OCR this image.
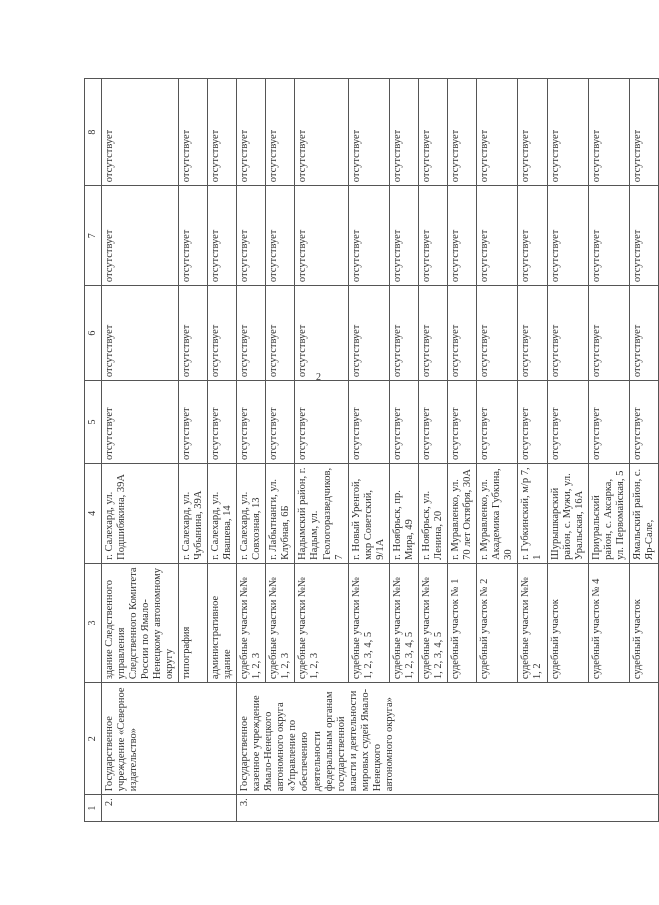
2
1	2	3	4	5	6	7	8
2.	Государственное учреждение «Северное издательство»	здание Следственного управления Следственного Комитета России по Ямало-Ненецкому автономному округу	г. Салехард, ул. Подшибякина, 39А	отсутствует	отсутствует	отсутствует	отсутствует
		типография	г. Салехард, ул. Чубынина, 39А	отсутствует	отсутствует	отсутствует	отсутствует
		административное здание	г. Салехард, ул. Явашева, 14	отсутствует	отсутствует	отсутствует	отсутствует
3.	Государственное казенное учреждение Ямало-Ненецкого автономного округа «Управление по обеспечению деятельности федеральным органам государственной власти и деятельности мировых судей Ямало-Ненецкого автономного округа»	судебные участки №№ 1, 2, 3	г. Салехард, ул. Совхозная, 13	отсутствует	отсутствует	отсутствует	отсутствует
		судебные участки №№ 1, 2, 3	г. Лабытнанги, ул. Клубная, 6Б	отсутствует	отсутствует	отсутствует	отсутствует
		судебные участки №№ 1, 2, 3	Надымский район, г. Надым, ул. Геологоразведчиков, 7	отсутствует	отсутствует	отсутствует	отсутствует
		судебные участки №№ 1, 2, 3, 4, 5	г. Новый Уренгой, мкр Советский, 9/1А	отсутствует	отсутствует	отсутствует	отсутствует
		судебные участки №№ 1, 2, 3, 4, 5	г. Ноябрьск, пр. Мира, 49	отсутствует	отсутствует	отсутствует	отсутствует
		судебные участки №№ 1, 2, 3, 4, 5	г. Ноябрьск, ул. Ленина, 20	отсутствует	отсутствует	отсутствует	отсутствует
		судебный участок № 1	г. Муравленко, ул. 70 лет Октября, 30А	отсутствует	отсутствует	отсутствует	отсутствует
		судебный участок № 2	г. Муравленко, ул. Академика Губкина, 30	отсутствует	отсутствует	отсутствует	отсутствует
		судебные участки №№ 1, 2	г. Губкинский, м/р 7, 1	отсутствует	отсутствует	отсутствует	отсутствует
		судебный участок	Шурышкарский район, с. Мужи, ул. Уральская, 16А	отсутствует	отсутствует	отсутствует	отсутствует
		судебный участок № 4	Приуральский район, с. Аксарка, ул. Первомайская, 5	отсутствует	отсутствует	отсутствует	отсутствует
		судебный участок	Ямальский район, с. Яр-Сале,	отсутствует	отсутствует	отсутствует	отсутствует
